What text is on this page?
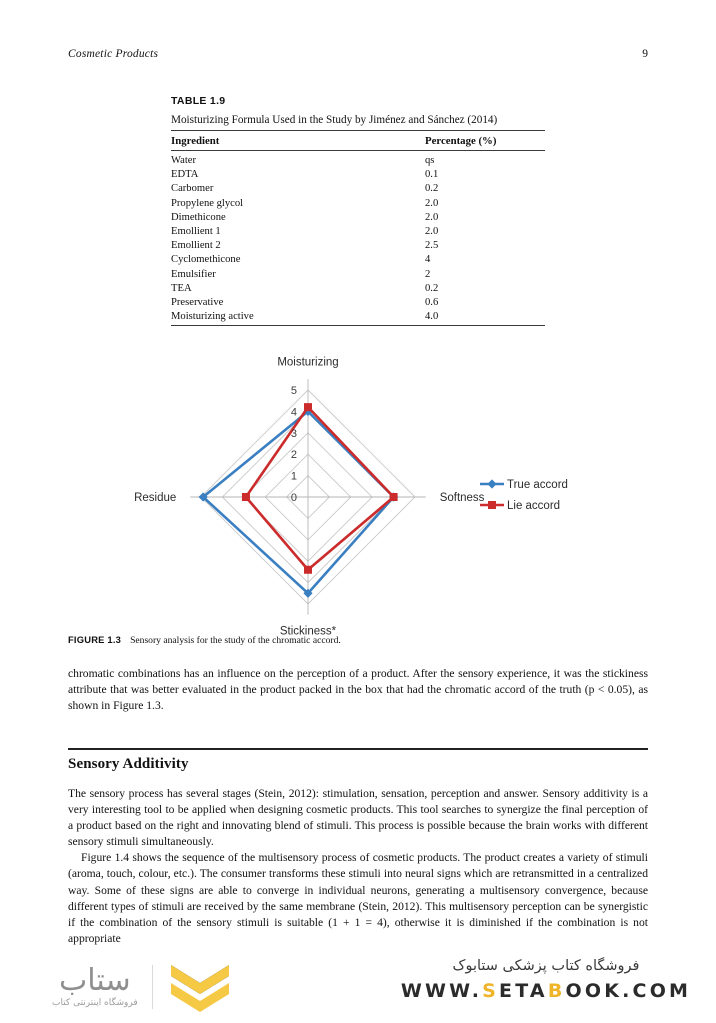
Cosmetic Products	9
TABLE 1.9
Moisturizing Formula Used in the Study by Jiménez and Sánchez (2014)
Ingredient	Percentage (%)
Water	qs
EDTA	0.1
Carbomer	0.2
Propylene glycol	2.0
Dimethicone	2.0
Emollient 1	2.0
Emollient 2	2.5
Cyclomethicone	4
Emulsifier	2
TEA	0.2
Preservative	0.6
Moisturizing active	4.0
0
1
2
3
4
5
Moisturizing
Softness
Stickiness*
Residue
True accord
Lie accord
FIGURE 1.3 Sensory analysis for the study of the chromatic accord.

chromatic combinations has an influence on the perception of a product. After the sensory experience, it was the stickiness attribute that was better evaluated in the product packed in the box that had the chromatic accord of the truth (p < 0.05), as shown in Figure 1.3.

Sensory Additivity

The sensory process has several stages (Stein, 2012): stimulation, sensation, perception and answer. Sensory additivity is a very interesting tool to be applied when designing cosmetic products. This tool searches to synergize the final perception of a product based on the right and innovating blend of stimuli. This process is possible because the brain works with different sensory stimuli simultaneously.

Figure 1.4 shows the sequence of the multisensory process of cosmetic products. The product creates a variety of stimuli (aroma, touch, colour, etc.). The consumer transforms these stimuli into neural signs which are retransmitted in a centralized way. Some of these signs are able to converge in individual neurons, generating a multisensory convergence, because different types of stimuli are received by the same membrane (Stein, 2012). This multisensory perception can be synergistic if the combination of the sensory stimuli is suitable (1 + 1 = 4), otherwise it is diminished if the combination is not appropriate

ستاب
فروشگاه اینترنتی کتاب
فروشگاه کتاب پزشکی ستابوک
WWW.SETABOOK.COM
